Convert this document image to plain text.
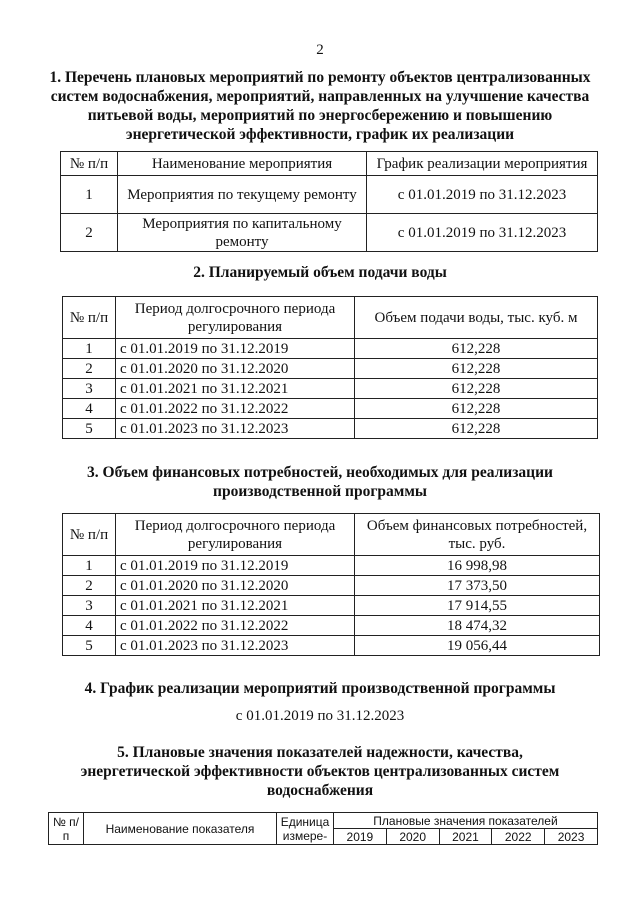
2
1. Перечень плановых мероприятий по ремонту объектов централизованных систем водоснабжения, мероприятий, направленных на улучшение качества питьевой воды, мероприятий по энергосбережению и повышению энергетической эффективности, график их реализации
№ п/п	Наименование мероприятия	График реализации мероприятия
1	Мероприятия по текущему ремонту	с 01.01.2019 по 31.12.2023
2	Мероприятия по капитальному ремонту	с 01.01.2019 по 31.12.2023
2. Планируемый объем подачи воды
№ п/п	Период долгосрочного периода регулирования	Объем подачи воды, тыс. куб. м
1	с 01.01.2019 по 31.12.2019	612,228
2	с 01.01.2020 по 31.12.2020	612,228
3	с 01.01.2021 по 31.12.2021	612,228
4	с 01.01.2022 по 31.12.2022	612,228
5	с 01.01.2023 по 31.12.2023	612,228
3. Объем финансовых потребностей, необходимых для реализации производственной программы
№ п/п	Период долгосрочного периода регулирования	Объем финансовых потребностей, тыс. руб.
1	с 01.01.2019 по 31.12.2019	16 998,98
2	с 01.01.2020 по 31.12.2020	17 373,50
3	с 01.01.2021 по 31.12.2021	17 914,55
4	с 01.01.2022 по 31.12.2022	18 474,32
5	с 01.01.2023 по 31.12.2023	19 056,44
4. График реализации мероприятий производственной программы
с 01.01.2019 по 31.12.2023
5. Плановые значения показателей надежности, качества, энергетической эффективности объектов централизованных систем водоснабжения
№ п/п	Наименование показателя	Единица измере-	Плановые значения показателей				
			2019	2020	2021	2022	2023
